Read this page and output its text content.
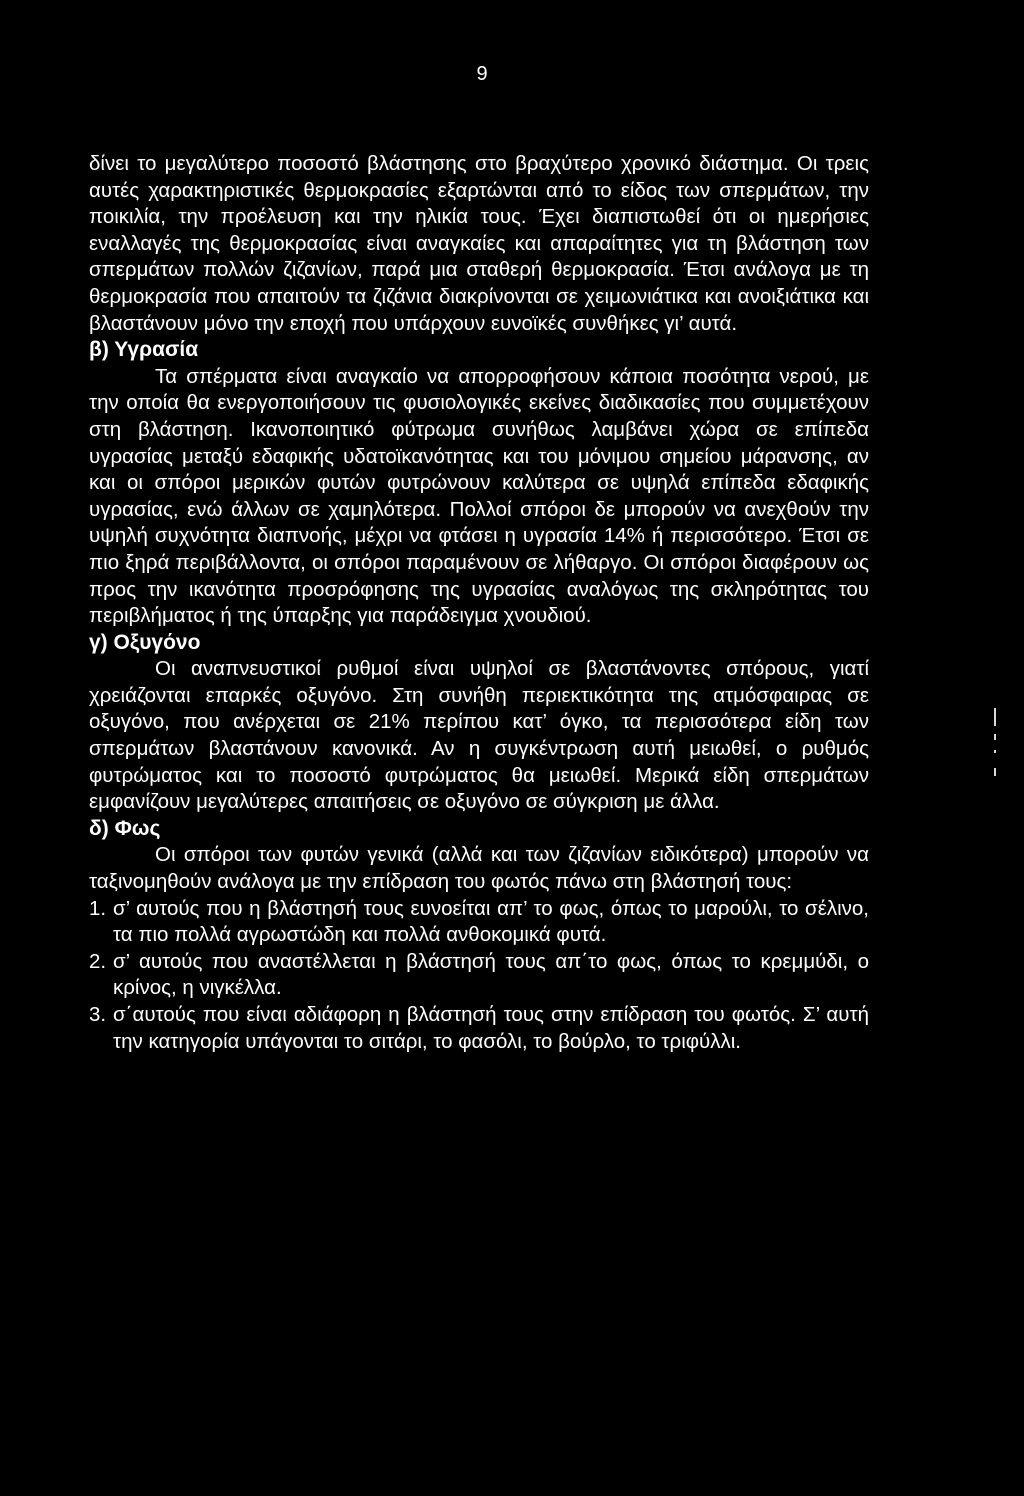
9

δίνει το μεγαλύτερο ποσοστό βλάστησης στο βραχύτερο χρονικό διάστημα. Οι τρεις αυτές χαρακτηριστικές θερμοκρασίες εξαρτώνται από το είδος των σπερμάτων, την ποικιλία, την προέλευση και την ηλικία τους. Έχει διαπιστωθεί ότι οι ημερήσιες εναλλαγές της θερμοκρασίας είναι αναγκαίες και απαραίτητες για τη βλάστηση των σπερμάτων πολλών ζιζανίων, παρά μια σταθερή θερμοκρασία. Έτσι ανάλογα με τη θερμοκρασία που απαιτούν τα ζιζάνια διακρίνονται σε χειμωνιάτικα και ανοιξιάτικα και βλαστάνουν μόνο την εποχή που υπάρχουν ευνοϊκές συνθήκες γι’ αυτά.

β) Υγρασία

Τα σπέρματα είναι αναγκαίο να απορροφήσουν κάποια ποσότητα νερού, με την οποία θα ενεργοποιήσουν τις φυσιολογικές εκείνες διαδικασίες που συμμετέχουν στη βλάστηση. Ικανοποιητικό φύτρωμα συνήθως λαμβάνει χώρα σε επίπεδα υγρασίας μεταξύ εδαφικής υδατοϊκανότητας και του μόνιμου σημείου μάρανσης, αν και οι σπόροι μερικών φυτών φυτρώνουν καλύτερα σε υψηλά επίπεδα εδαφικής υγρασίας, ενώ άλλων σε χαμηλότερα. Πολλοί σπόροι δε μπορούν να ανεχθούν την υψηλή συχνότητα διαπνοής, μέχρι να φτάσει η υγρασία 14% ή περισσότερο. Έτσι σε πιο ξηρά περιβάλλοντα, οι σπόροι παραμένουν σε λήθαργο. Οι σπόροι διαφέρουν ως προς την ικανότητα προσρόφησης της υγρασίας αναλόγως της σκληρότητας του περιβλήματος ή της ύπαρξης για παράδειγμα χνουδιού.

γ) Οξυγόνο

Οι αναπνευστικοί ρυθμοί είναι υψηλοί σε βλαστάνοντες σπόρους, γιατί χρειάζονται επαρκές οξυγόνο. Στη συνήθη περιεκτικότητα της ατμόσφαιρας σε οξυγόνο, που ανέρχεται σε 21% περίπου κατ’ όγκο, τα περισσότερα είδη των σπερμάτων βλαστάνουν κανονικά. Αν η συγκέντρωση αυτή μειωθεί, ο ρυθμός φυτρώματος και το ποσοστό φυτρώματος θα μειωθεί. Μερικά είδη σπερμάτων εμφανίζουν μεγαλύτερες απαιτήσεις σε οξυγόνο σε σύγκριση με άλλα.

δ) Φως

Οι σπόροι των φυτών γενικά (αλλά και των ζιζανίων ειδικότερα) μπορούν να ταξινομηθούν ανάλογα με την επίδραση του φωτός πάνω στη βλάστησή τους:

1. σ’ αυτούς που η βλάστησή τους ευνοείται απ’ το φως, όπως το μαρούλι, το σέλινο, τα πιο πολλά αγρωστώδη και πολλά ανθοκομικά φυτά.
2. σ’ αυτούς που αναστέλλεται η βλάστησή τους απ΄το φως, όπως το κρεμμύδι, ο κρίνος, η νιγκέλλα.
3. σ΄αυτούς που είναι αδιάφορη η βλάστησή τους στην επίδραση του φωτός. Σ’ αυτή την κατηγορία υπάγονται το σιτάρι, το φασόλι, το βούρλο, το τριφύλλι.
